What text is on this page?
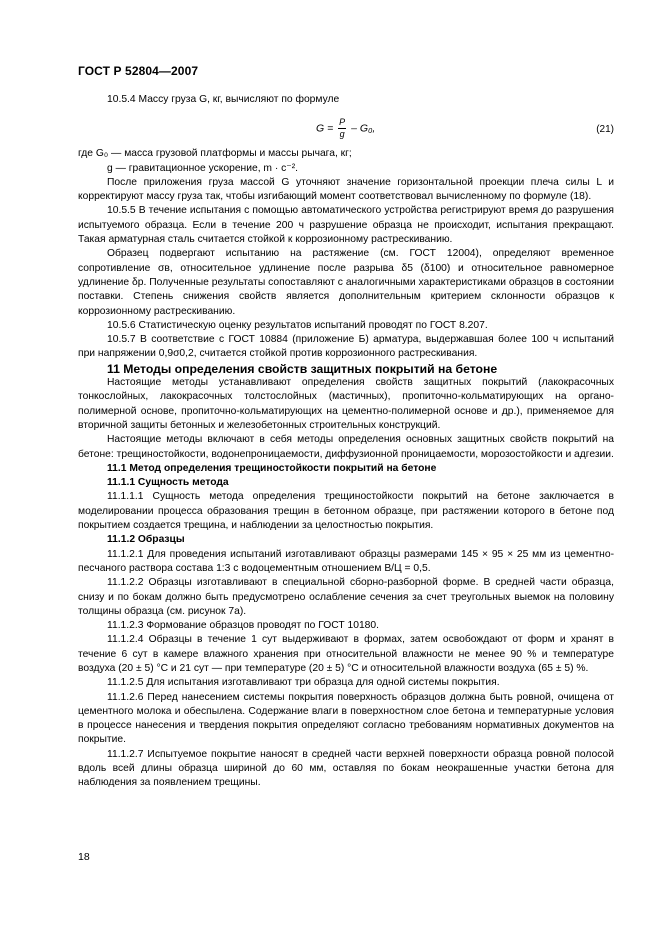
ГОСТ Р 52804—2007

10.5.4 Массу груза G, кг, вычисляют по формуле

$G = \frac{P}{g} - G_0$,	(21)

где G₀ — масса грузовой платформы и массы рычага, кг;

g — гравитационное ускорение, m · c⁻².

После приложения груза массой G уточняют значение горизонтальной проекции плеча силы L и корректируют массу груза так, чтобы изгибающий момент соответствовал вычисленному по формуле (18).

10.5.5 В течение испытания с помощью автоматического устройства регистрируют время до разрушения испытуемого образца. Если в течение 200 ч разрушение образца не происходит, испытания прекращают. Такая арматурная сталь считается стойкой к коррозионному растрескиванию.

Образец подвергают испытанию на растяжение (см. ГОСТ 12004), определяют временное сопротивление σв, относительное удлинение после разрыва δ5 (δ100) и относительное равномерное удлинение δр. Полученные результаты сопоставляют с аналогичными характеристиками образцов в состоянии поставки. Степень снижения свойств является дополнительным критерием склонности образцов к коррозионному растрескиванию.

10.5.6 Статистическую оценку результатов испытаний проводят по ГОСТ 8.207.

10.5.7 В соответствие с ГОСТ 10884 (приложение Б) арматура, выдержавшая более 100 ч испытаний при напряжении 0,9σ0,2, считается стойкой против коррозионного растрескивания.

11 Методы определения свойств защитных покрытий на бетоне

Настоящие методы устанавливают определения свойств защитных покрытий (лакокрасочных тонкослойных, лакокрасочных толстослойных (мастичных), пропиточно-кольматирующих на органо-полимерной основе, пропиточно-кольматирующих на цементно-полимерной основе и др.), применяемое для вторичной защиты бетонных и железобетонных строительных конструкций.

Настоящие методы включают в себя методы определения основных защитных свойств покрытий на бетоне: трещиностойкости, водонепроницаемости, диффузионной проницаемости, морозостойкости и адгезии.

11.1 Метод определения трещиностойкости покрытий на бетоне

11.1.1 Сущность метода

11.1.1.1 Сущность метода определения трещиностойкости покрытий на бетоне заключается в моделировании процесса образования трещин в бетонном образце, при растяжении которого в бетоне под покрытием создается трещина, и наблюдении за целостностью покрытия.

11.1.2 Образцы

11.1.2.1 Для проведения испытаний изготавливают образцы размерами 145 × 95 × 25 мм из цементно-песчаного раствора состава 1:3 с водоцементным отношением В/Ц = 0,5.

11.1.2.2 Образцы изготавливают в специальной сборно-разборной форме. В средней части образца, снизу и по бокам должно быть предусмотрено ослабление сечения за счет треугольных выемок на половину толщины образца (см. рисунок 7а).

11.1.2.3 Формование образцов проводят по ГОСТ 10180.

11.1.2.4 Образцы в течение 1 сут выдерживают в формах, затем освобождают от форм и хранят в течение 6 сут в камере влажного хранения при относительной влажности не менее 90 % и температуре воздуха (20 ± 5) °С и 21 сут — при температуре (20 ± 5) °С и относительной влажности воздуха (65 ± 5) %.

11.1.2.5 Для испытания изготавливают три образца для одной системы покрытия.

11.1.2.6 Перед нанесением системы покрытия поверхность образцов должна быть ровной, очищена от цементного молока и обеспылена. Содержание влаги в поверхностном слое бетона и температурные условия в процессе нанесения и твердения покрытия определяют согласно требованиям нормативных документов на покрытие.

11.1.2.7 Испытуемое покрытие наносят в средней части верхней поверхности образца ровной полосой вдоль всей длины образца шириной до 60 мм, оставляя по бокам неокрашенные участки бетона для наблюдения за появлением трещины.

18
